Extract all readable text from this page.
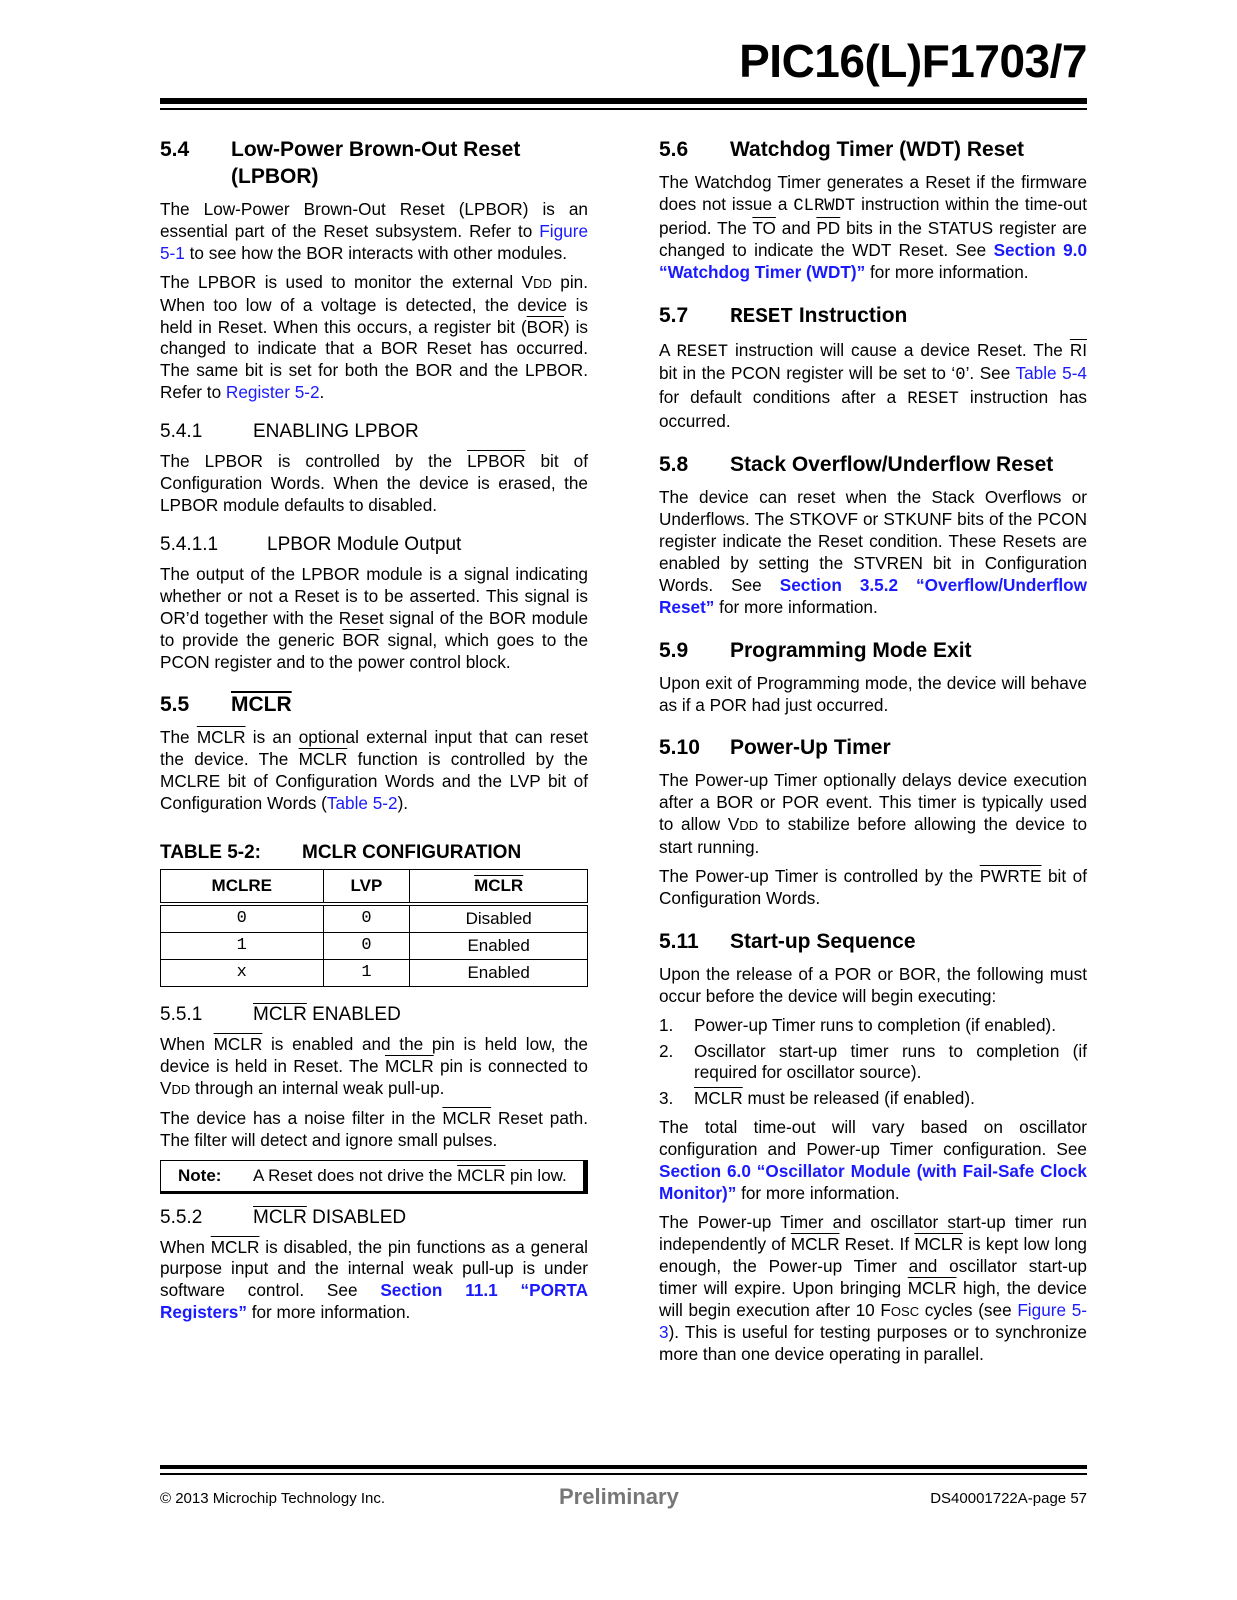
PIC16(L)F1703/7
5.4	Low-Power Brown-Out Reset (LPBOR)

The Low-Power Brown-Out Reset (LPBOR) is an essential part of the Reset subsystem. Refer to Figure 5-1 to see how the BOR interacts with other modules.

The LPBOR is used to monitor the external VDD pin. When too low of a voltage is detected, the device is held in Reset. When this occurs, a register bit $(\overline{BOR})$ is changed to indicate that a BOR Reset has occurred. The same bit is set for both the BOR and the LPBOR. Refer to Register 5-2.

5.4.1	ENABLING LPBOR

The LPBOR is controlled by the LPBOR bit of Configuration Words. When the device is erased, the LPBOR module defaults to disabled.

5.4.1.1	LPBOR Module Output

The output of the LPBOR module is a signal indicating whether or not a Reset is to be asserted. This signal is OR’d together with the Reset signal of the BOR module to provide the generic $\overline{BOR}$ signal, which goes to the PCON register and to the power control block.

5.5	MCLR

The MCLR is an optional external input that can reset the device. The MCLR function is controlled by the MCLRE bit of Configuration Words and the LVP bit of Configuration Words (Table 5-2).

TABLE 5-2:	MCLR CONFIGURATION
MCLRE	LVP	MCLR
0	0	Disabled
1	0	Enabled
x	1	Enabled
5.5.1	MCLR ENABLED

When MCLR is enabled and the pin is held low, the device is held in Reset. The MCLR pin is connected to VDD through an internal weak pull-up.

The device has a noise filter in the MCLR Reset path. The filter will detect and ignore small pulses.

Note:	A Reset does not drive the MCLR pin low.
5.5.2	MCLR DISABLED

When MCLR is disabled, the pin functions as a general purpose input and the internal weak pull-up is under software control. See Section 11.1 “PORTA Registers” for more information.

5.6	Watchdog Timer (WDT) Reset

The Watchdog Timer generates a Reset if the firmware does not issue a CLRWDT instruction within the time-out period. The $\overline{TO}$ and $\overline{PD}$ bits in the STATUS register are changed to indicate the WDT Reset. See Section 9.0 “Watchdog Timer (WDT)” for more information.

5.7	RESET Instruction

A RESET instruction will cause a device Reset. The $\overline{RI}$ bit in the PCON register will be set to ‘0’. See Table 5-4 for default conditions after a RESET instruction has occurred.

5.8	Stack Overflow/Underflow Reset

The device can reset when the Stack Overflows or Underflows. The STKOVF or STKUNF bits of the PCON register indicate the Reset condition. These Resets are enabled by setting the STVREN bit in Configuration Words. See Section 3.5.2 “Overflow/Underflow Reset” for more information.

5.9	Programming Mode Exit

Upon exit of Programming mode, the device will behave as if a POR had just occurred.

5.10	Power-Up Timer

The Power-up Timer optionally delays device execution after a BOR or POR event. This timer is typically used to allow VDD to stabilize before allowing the device to start running.

The Power-up Timer is controlled by the PWRTE bit of Configuration Words.

5.11	Start-up Sequence

Upon the release of a POR or BOR, the following must occur before the device will begin executing:

1.	Power-up Timer runs to completion (if enabled).
2.	Oscillator start-up timer runs to completion (if required for oscillator source).
3.	MCLR must be released (if enabled).

The total time-out will vary based on oscillator configuration and Power-up Timer configuration. See Section 6.0 “Oscillator Module (with Fail-Safe Clock Monitor)” for more information.

The Power-up Timer and oscillator start-up timer run independently of MCLR Reset. If MCLR is kept low long enough, the Power-up Timer and oscillator start-up timer will expire. Upon bringing MCLR high, the device will begin execution after 10 FOSC cycles (see Figure 5-3). This is useful for testing purposes or to synchronize more than one device operating in parallel.

© 2013 Microchip Technology Inc.	Preliminary	DS40001722A-page 57
